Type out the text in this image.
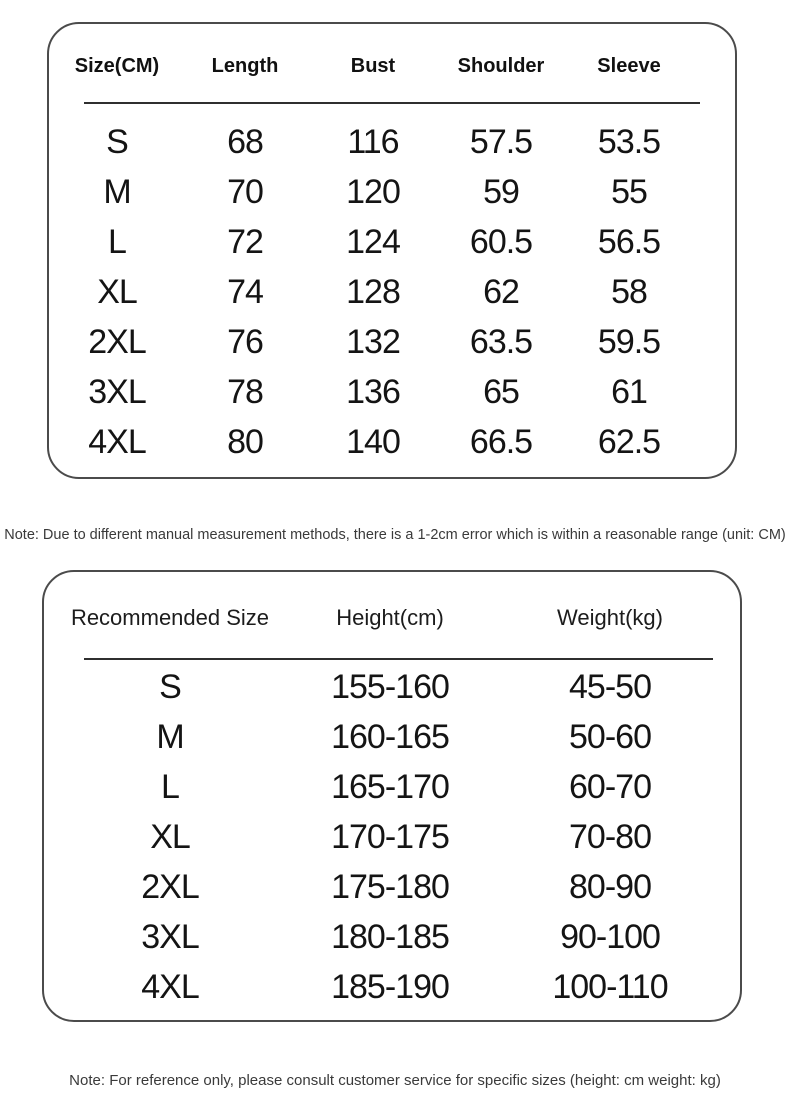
Size(CM)	Length	Bust	Shoulder	Sleeve
S	68	116	57.5	53.5
M	70	120	59	55
L	72	124	60.5	56.5
XL	74	128	62	58
2XL	76	132	63.5	59.5
3XL	78	136	65	61
4XL	80	140	66.5	62.5

Note: Due to different manual measurement methods, there is a 1-2cm error which is within a reasonable range (unit: CM)

Recommended Size	Height(cm)	Weight(kg)
S	155-160	45-50
M	160-165	50-60
L	165-170	60-70
XL	170-175	70-80
2XL	175-180	80-90
3XL	180-185	90-100
4XL	185-190	100-110

Note: For reference only, please consult customer service for specific sizes (height: cm weight: kg)
